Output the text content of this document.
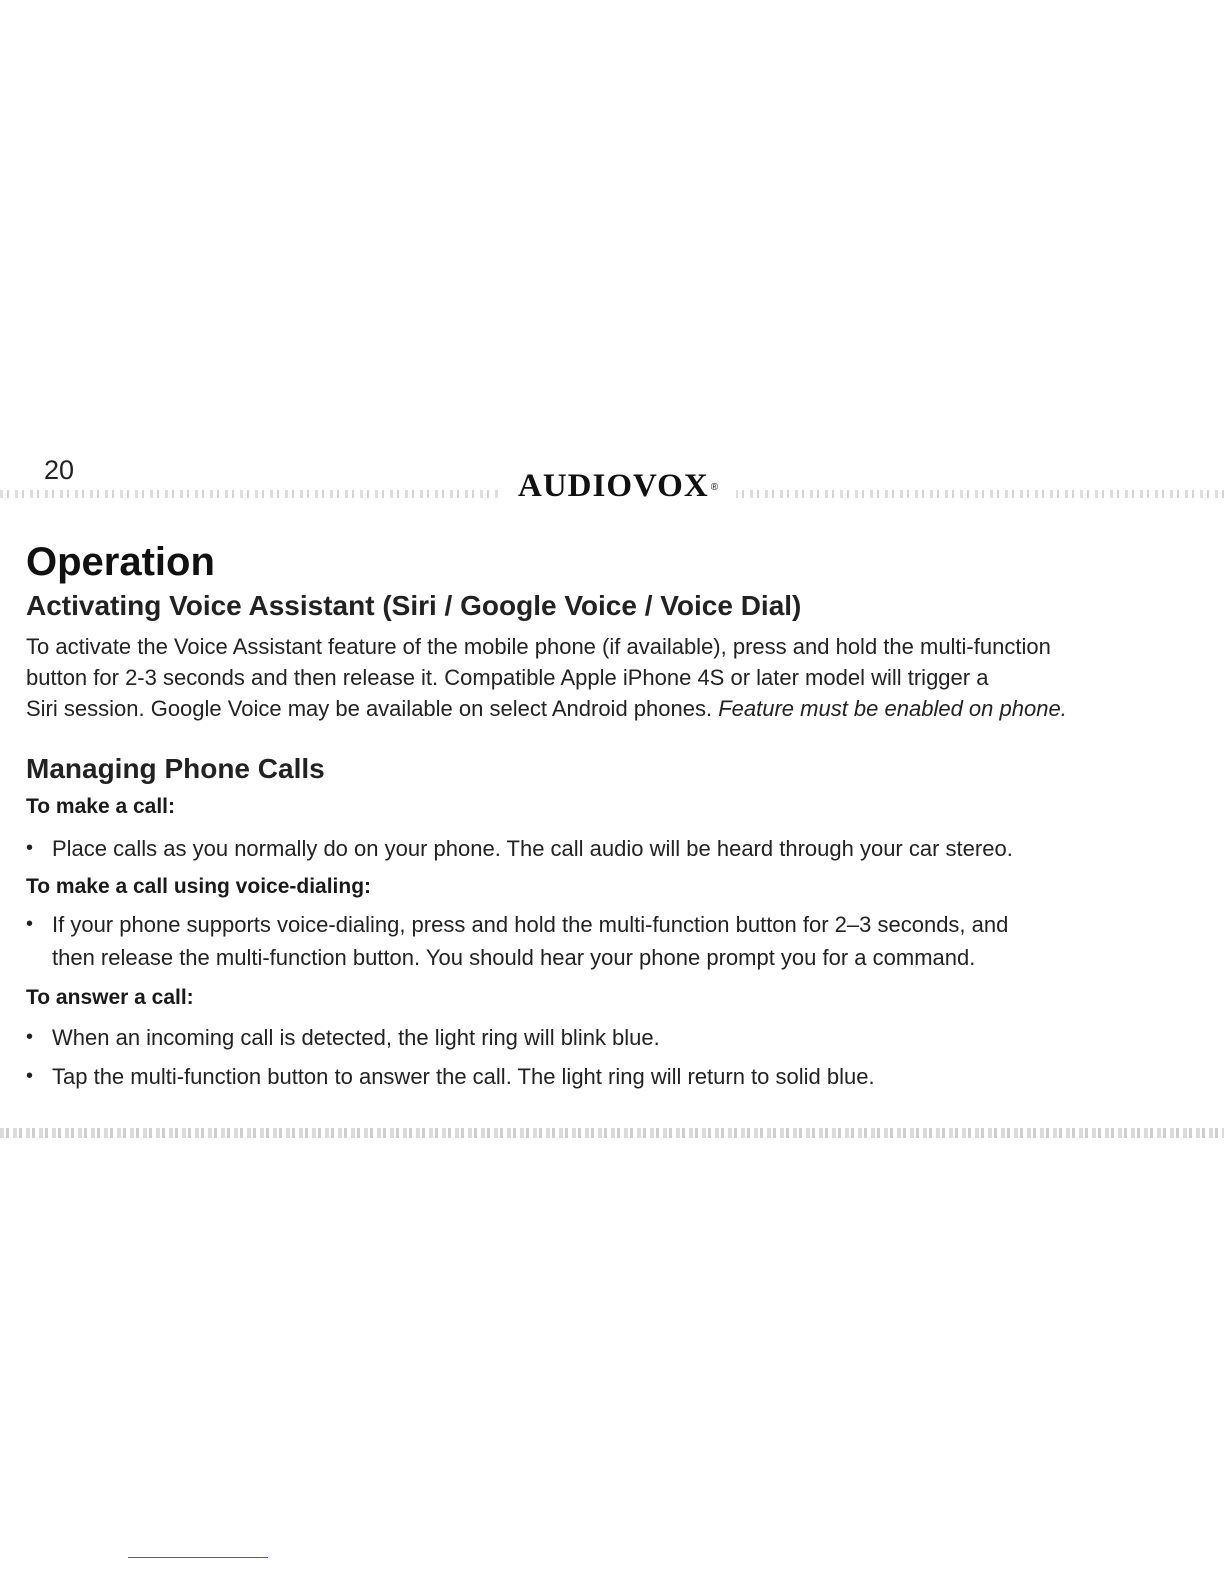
20	AUDIOVOX ®
Operation
Activating Voice Assistant (Siri / Google Voice / Voice Dial)

To activate the Voice Assistant feature of the mobile phone (if available), press and hold the multi-function
button for 2-3 seconds and then release it. Compatible Apple iPhone 4S or later model will trigger a
Siri session. Google Voice may be available on select Android phones. Feature must be enabled on phone.

Managing Phone Calls
To make a call:
• Place calls as you normally do on your phone. The call audio will be heard through your car stereo.
To make a call using voice-dialing:
• If your phone supports voice-dialing, press and hold the multi-function button for 2–3 seconds, and
then release the multi-function button. You should hear your phone prompt you for a command.
To answer a call:
• When an incoming call is detected, the light ring will blink blue.
• Tap the multi-function button to answer the call. The light ring will return to solid blue.
